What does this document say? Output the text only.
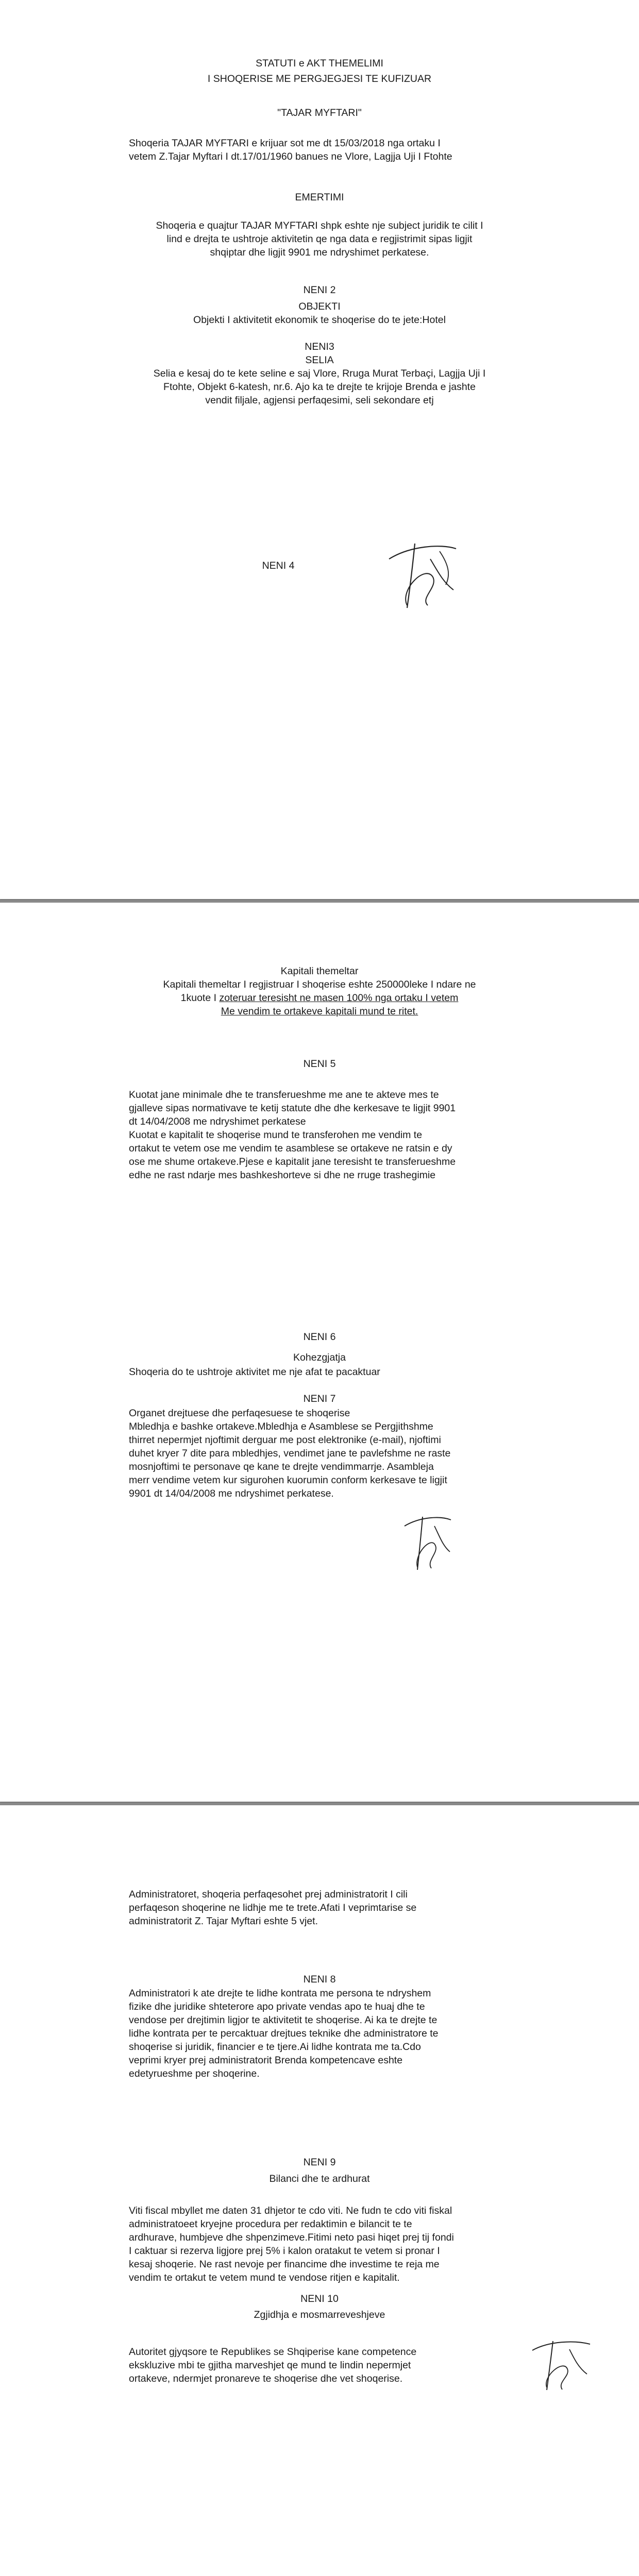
STATUTI e AKT THEMELIMI
I SHOQERISE ME PERGJEGJESI TE KUFIZUAR
"TAJAR MYFTARI"
Shoqeria TAJAR MYFTARI e krijuar sot me dt 15/03/2018 nga ortaku I
vetem Z.Tajar Myftari I dt.17/01/1960 banues ne Vlore, Lagjja Uji I Ftohte
EMERTIMI
Shoqeria e quajtur TAJAR MYFTARI shpk eshte nje subject juridik te cilit I
lind e drejta te ushtroje aktivitetin qe nga data e regjistrimit sipas ligjit
shqiptar dhe ligjit 9901 me ndryshimet perkatese.
NENI 2
OBJEKTI
Objekti I aktivitetit ekonomik te shoqerise do te jete:Hotel
NENI3
SELIA
Selia e kesaj do te kete seline e saj Vlore, Rruga Murat Terbaçi, Lagjja Uji I
Ftohte, Objekt 6-katesh, nr.6. Ajo ka te drejte te krijoje Brenda e jashte
vendit filjale, agjensi perfaqesimi, seli sekondare etj
NENI 4
Kapitali themeltar
Kapitali themeltar I regjistruar I shoqerise eshte 250000leke I ndare ne
1kuote I zoteruar teresisht ne masen 100% nga ortaku I vetem
Me vendim te ortakeve kapitali mund te ritet.
NENI 5
Kuotat jane minimale dhe te transferueshme me ane te akteve mes te
gjalleve sipas normativave te ketij statute dhe dhe kerkesave te ligjit 9901
dt 14/04/2008 me ndryshimet perkatese
Kuotat e kapitalit te shoqerise mund te transferohen me vendim te
ortakut te vetem ose me vendim te asamblese se ortakeve ne ratsin e dy
ose me shume ortakeve.Pjese e kapitalit jane teresisht te transferueshme
edhe ne rast ndarje mes bashkeshorteve si dhe ne rruge trashegimie
NENI 6
Kohezgjatja
Shoqeria do te ushtroje aktivitet me nje afat te pacaktuar
NENI 7
Organet drejtuese dhe perfaqesuese te shoqerise
Mbledhja e bashke ortakeve.Mbledhja e Asamblese se Pergjithshme
thirret nepermjet njoftimit derguar me post elektronike (e-mail), njoftimi
duhet kryer 7 dite para mbledhjes, vendimet jane te pavlefshme ne raste
mosnjoftimi te personave qe kane te drejte vendimmarrje. Asambleja
merr vendime vetem kur sigurohen kuorumin conform kerkesave te ligjit
9901 dt 14/04/2008 me ndryshimet perkatese.
Administratoret, shoqeria perfaqesohet prej administratorit I cili
perfaqeson shoqerine ne lidhje me te trete.Afati I veprimtarise se
administratorit Z. Tajar Myftari eshte 5 vjet.
NENI 8
Administratori k ate drejte te lidhe kontrata me persona te ndryshem
fizike dhe juridike shteterore apo private vendas apo te huaj dhe te
vendose per drejtimin ligjor te aktivitetit te shoqerise. Ai ka te drejte te
lidhe kontrata per te percaktuar drejtues teknike dhe administratore te
shoqerise si juridik, financier e te tjere.Ai lidhe kontrata me ta.Cdo
veprimi kryer prej administratorit Brenda kompetencave eshte
edetyrueshme per shoqerine.
NENI 9
Bilanci dhe te ardhurat
Viti fiscal mbyllet me daten 31 dhjetor te cdo viti. Ne fudn te cdo viti fiskal
administratoeet kryejne procedura per redaktimin e bilancit te te
ardhurave, humbjeve dhe shpenzimeve.Fitimi neto pasi hiqet prej tij fondi
I caktuar si rezerva ligjore prej 5% i kalon oratakut te vetem si pronar I
kesaj shoqerie. Ne rast nevoje per financime dhe investime te reja me
vendim te ortakut te vetem mund te vendose ritjen e kapitalit.
NENI 10
Zgjidhja e mosmarreveshjeve
Autoritet gjyqsore te Republikes se Shqiperise kane competence
ekskluzive mbi te gjitha marveshjet qe mund te lindin nepermjet
ortakeve, ndermjet pronareve te shoqerise dhe vet shoqerise.
